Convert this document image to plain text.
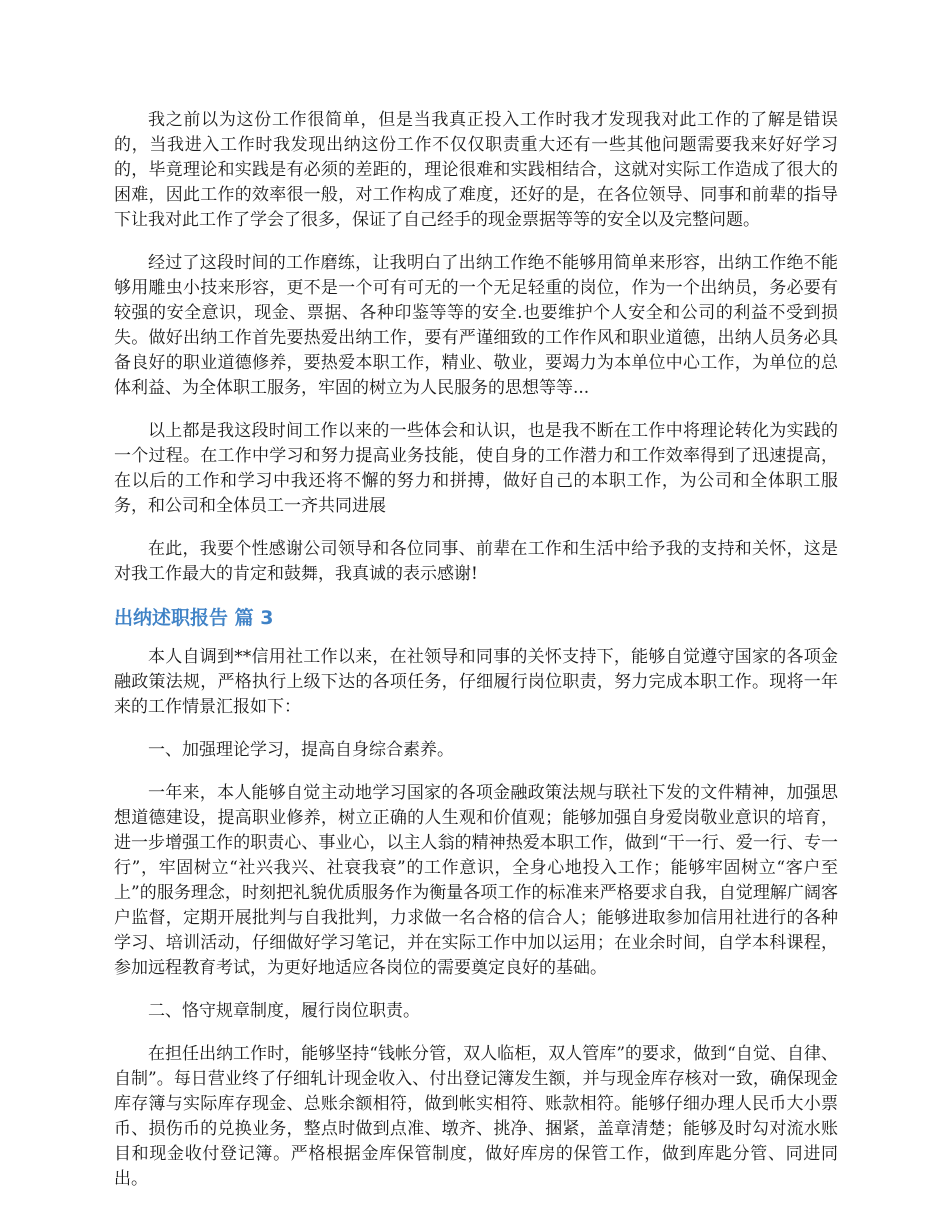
我之前以为这份工作很简单，但是当我真正投入工作时我才发现我对此工作的了解是错误的，当我进入工作时我发现出纳这份工作不仅仅职责重大还有一些其他问题需要我来好好学习的，毕竟理论和实践是有必须的差距的，理论很难和实践相结合，这就对实际工作造成了很大的困难，因此工作的效率很一般，对工作构成了难度，还好的是，在各位领导、同事和前辈的指导下让我对此工作了学会了很多，保证了自己经手的现金票据等等的安全以及完整问题。

经过了这段时间的工作磨练，让我明白了出纳工作绝不能够用简单来形容，出纳工作绝不能够用雕虫小技来形容，更不是一个可有可无的一个无足轻重的岗位，作为一个出纳员，务必要有较强的安全意识，现金、票据、各种印鉴等等的安全.也要维护个人安全和公司的利益不受到损失。做好出纳工作首先要热爱出纳工作，要有严谨细致的工作作风和职业道德，出纳人员务必具备良好的职业道德修养，要热爱本职工作，精业、敬业，要竭力为本单位中心工作，为单位的总体利益、为全体职工服务，牢固的树立为人民服务的思想等等...

以上都是我这段时间工作以来的一些体会和认识，也是我不断在工作中将理论转化为实践的一个过程。在工作中学习和努力提高业务技能，使自身的工作潜力和工作效率得到了迅速提高，在以后的工作和学习中我还将不懈的努力和拼搏，做好自己的本职工作，为公司和全体职工服务，和公司和全体员工一齐共同进展

在此，我要个性感谢公司领导和各位同事、前辈在工作和生活中给予我的支持和关怀，这是对我工作最大的肯定和鼓舞，我真诚的表示感谢!

出纳述职报告 篇 3

本人自调到**信用社工作以来，在社领导和同事的关怀支持下，能够自觉遵守国家的各项金融政策法规，严格执行上级下达的各项任务，仔细履行岗位职责，努力完成本职工作。现将一年来的工作情景汇报如下：

一、加强理论学习，提高自身综合素养。

一年来，本人能够自觉主动地学习国家的各项金融政策法规与联社下发的文件精神，加强思想道德建设，提高职业修养，树立正确的人生观和价值观；能够加强自身爱岗敬业意识的培育，进一步增强工作的职责心、事业心，以主人翁的精神热爱本职工作，做到“干一行、爱一行、专一行”，牢固树立“社兴我兴、社衰我衰”的工作意识，全身心地投入工作；能够牢固树立“客户至上”的服务理念，时刻把礼貌优质服务作为衡量各项工作的标准来严格要求自我，自觉理解广阔客户监督，定期开展批判与自我批判，力求做一名合格的信合人；能够进取参加信用社进行的各种学习、培训活动，仔细做好学习笔记，并在实际工作中加以运用；在业余时间，自学本科课程，参加远程教育考试，为更好地适应各岗位的需要奠定良好的基础。

二、恪守规章制度，履行岗位职责。

在担任出纳工作时，能够坚持“钱帐分管，双人临柜，双人管库”的要求，做到“自觉、自律、自制”。每日营业终了仔细轧计现金收入、付出登记簿发生额，并与现金库存核对一致，确保现金库存簿与实际库存现金、总账余额相符，做到帐实相符、账款相符。能够仔细办理人民币大小票币、损伤币的兑换业务，整点时做到点准、墩齐、挑净、捆紧，盖章清楚；能够及时勾对流水账目和现金收付登记簿。严格根据金库保管制度，做好库房的保管工作，做到库匙分管、同进同出。
